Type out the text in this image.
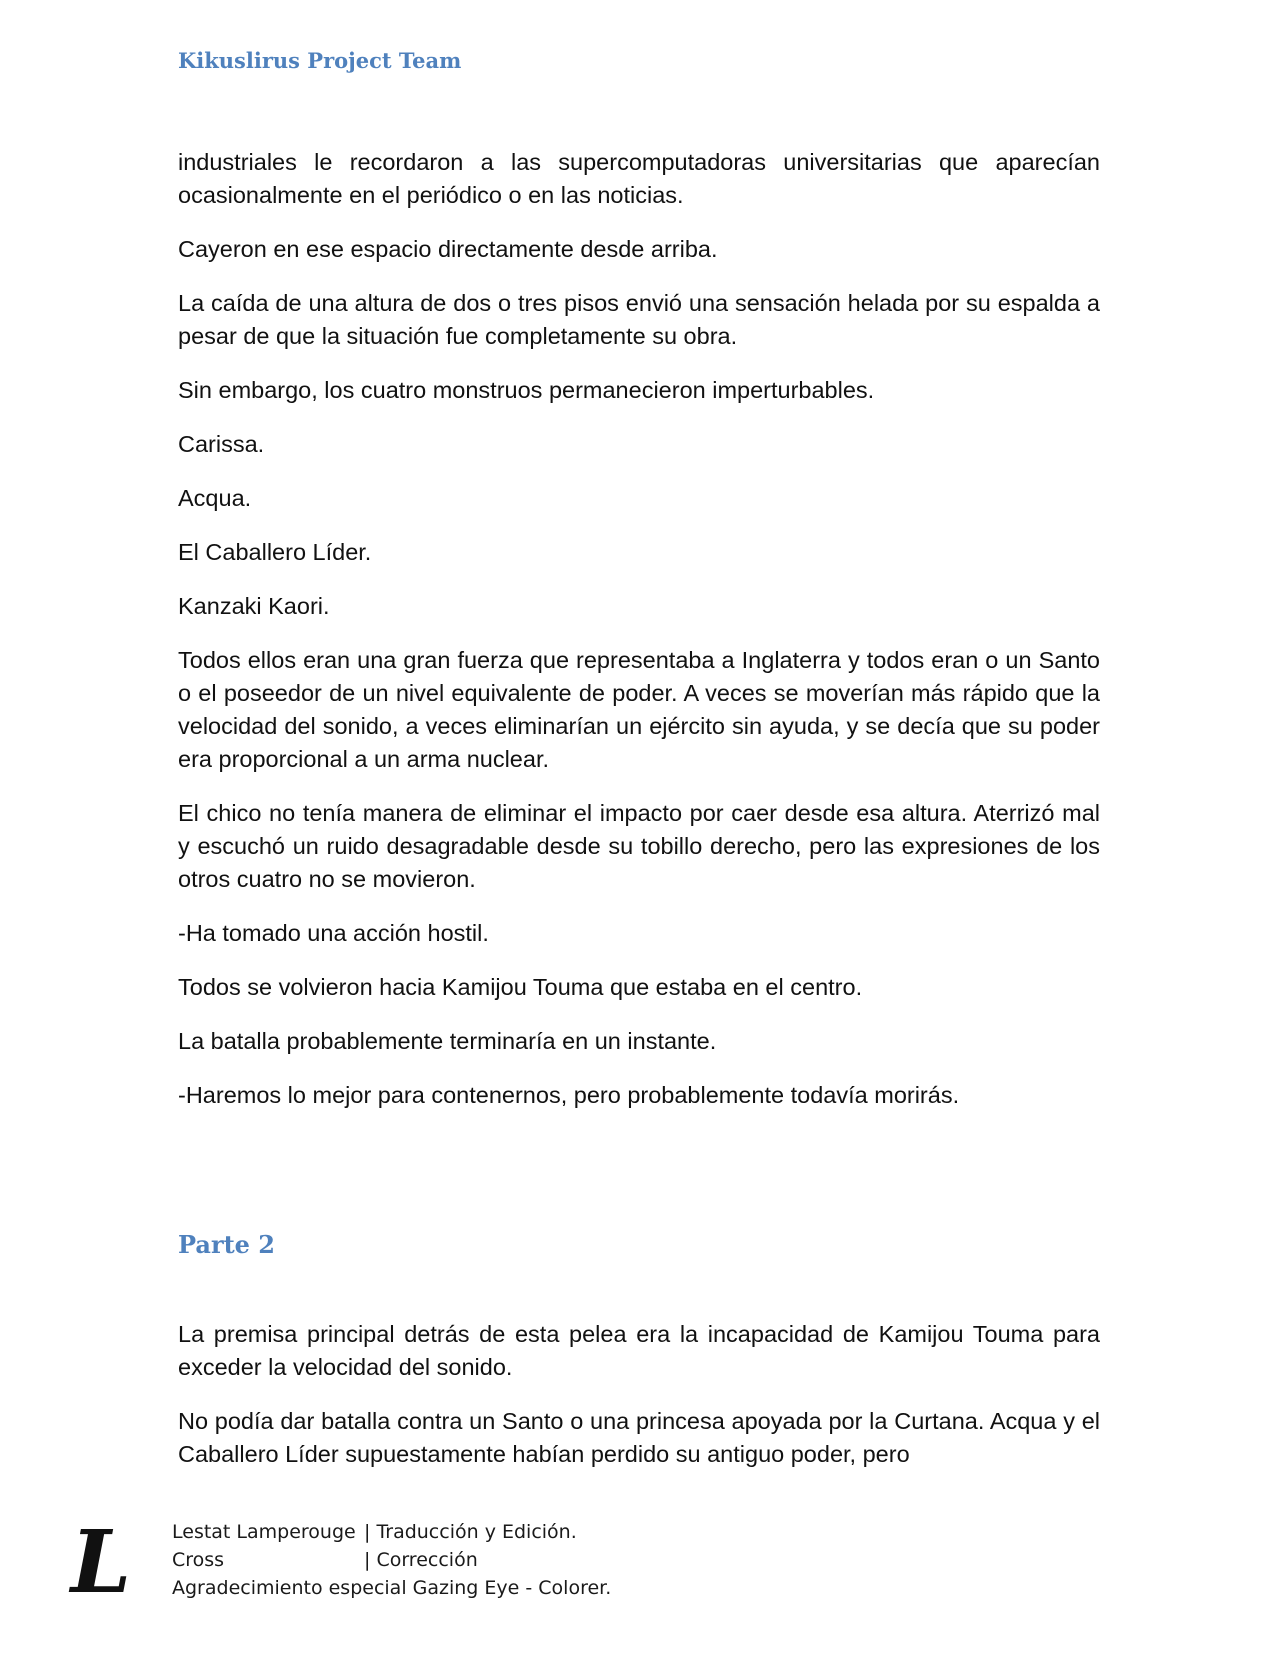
Kikuslirus Project Team

industriales le recordaron a las supercomputadoras universitarias que aparecían ocasionalmente en el periódico o en las noticias.

Cayeron en ese espacio directamente desde arriba.

La caída de una altura de dos o tres pisos envió una sensación helada por su espalda a pesar de que la situación fue completamente su obra.

Sin embargo, los cuatro monstruos permanecieron imperturbables.

Carissa.

Acqua.

El Caballero Líder.

Kanzaki Kaori.

Todos ellos eran una gran fuerza que representaba a Inglaterra y todos eran o un Santo o el poseedor de un nivel equivalente de poder. A veces se moverían más rápido que la velocidad del sonido, a veces eliminarían un ejército sin ayuda, y se decía que su poder era proporcional a un arma nuclear.

El chico no tenía manera de eliminar el impacto por caer desde esa altura. Aterrizó mal y escuchó un ruido desagradable desde su tobillo derecho, pero las expresiones de los otros cuatro no se movieron.

-Ha tomado una acción hostil.

Todos se volvieron hacia Kamijou Touma que estaba en el centro.

La batalla probablemente terminaría en un instante.

-Haremos lo mejor para contenernos, pero probablemente todavía morirás.

Parte 2

La premisa principal detrás de esta pelea era la incapacidad de Kamijou Touma para exceder la velocidad del sonido.

No podía dar batalla contra un Santo o una princesa apoyada por la Curtana. Acqua y el Caballero Líder supuestamente habían perdido su antiguo poder, pero

L Lestat Lamperouge | Traducción y Edición.
Cross	| Corrección
Agradecimiento especial Gazing Eye - Colorer.
